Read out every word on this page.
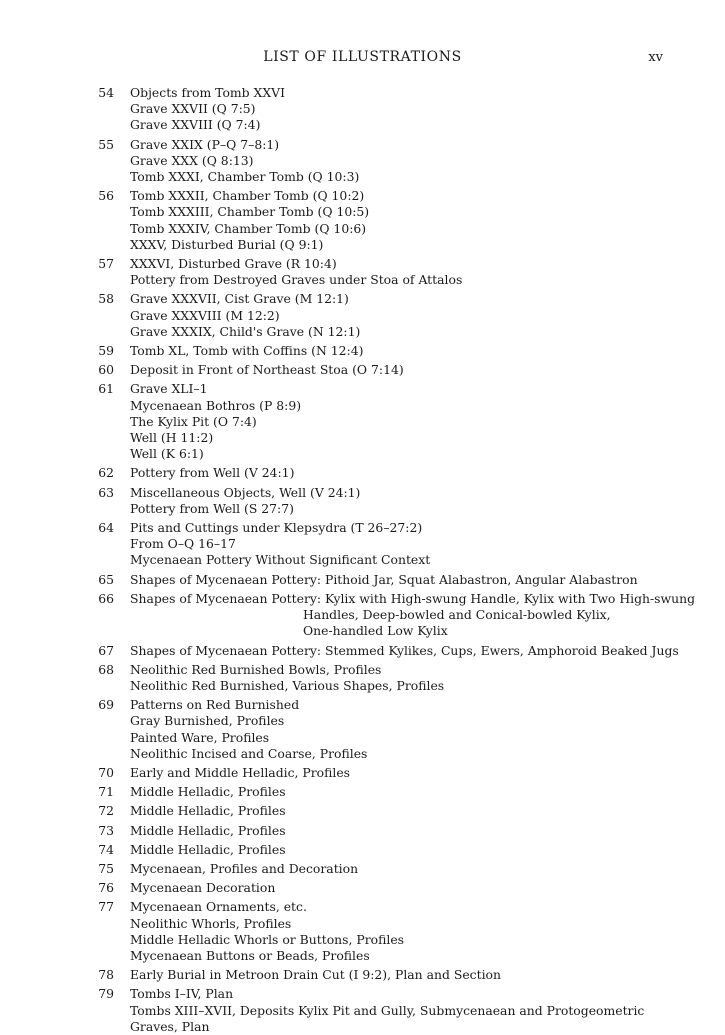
LIST OF ILLUSTRATIONS	xv
54 Objects from Tomb XXVI
Grave XXVII (Q 7:5)
Grave XXVIII (Q 7:4)
55 Grave XXIX (P–Q 7–8:1)
Grave XXX (Q 8:13)
Tomb XXXI, Chamber Tomb (Q 10:3)
56 Tomb XXXII, Chamber Tomb (Q 10:2)
Tomb XXXIII, Chamber Tomb (Q 10:5)
Tomb XXXIV, Chamber Tomb (Q 10:6)
XXXV, Disturbed Burial (Q 9:1)
57 XXXVI, Disturbed Grave (R 10:4)
Pottery from Destroyed Graves under Stoa of Attalos
58 Grave XXXVII, Cist Grave (M 12:1)
Grave XXXVIII (M 12:2)
Grave XXXIX, Child's Grave (N 12:1)
59 Tomb XL, Tomb with Coffins (N 12:4)
60 Deposit in Front of Northeast Stoa (O 7:14)
61 Grave XLI–1
Mycenaean Bothros (P 8:9)
The Kylix Pit (O 7:4)
Well (H 11:2)
Well (K 6:1)
62 Pottery from Well (V 24:1)
63 Miscellaneous Objects, Well (V 24:1)
Pottery from Well (S 27:7)
64 Pits and Cuttings under Klepsydra (T 26–27:2)
From O–Q 16–17
Mycenaean Pottery Without Significant Context
65 Shapes of Mycenaean Pottery: Pithoid Jar, Squat Alabastron, Angular Alabastron
66 Shapes of Mycenaean Pottery: Kylix with High-swung Handle, Kylix with Two High-swung
Handles, Deep-bowled and Conical-bowled Kylix,
One-handled Low Kylix
67 Shapes of Mycenaean Pottery: Stemmed Kylikes, Cups, Ewers, Amphoroid Beaked Jugs
68 Neolithic Red Burnished Bowls, Profiles
Neolithic Red Burnished, Various Shapes, Profiles
69 Patterns on Red Burnished
Gray Burnished, Profiles
Painted Ware, Profiles
Neolithic Incised and Coarse, Profiles
70 Early and Middle Helladic, Profiles
71 Middle Helladic, Profiles
72 Middle Helladic, Profiles
73 Middle Helladic, Profiles
74 Middle Helladic, Profiles
75 Mycenaean, Profiles and Decoration
76 Mycenaean Decoration
77 Mycenaean Ornaments, etc.
Neolithic Whorls, Profiles
Middle Helladic Whorls or Buttons, Profiles
Mycenaean Buttons or Beads, Profiles
78 Early Burial in Metroon Drain Cut (I 9:2), Plan and Section
79 Tombs I–IV, Plan
Tombs XIII–XVII, Deposits Kylix Pit and Gully, Submycenaean and Protogeometric
Graves, Plan
